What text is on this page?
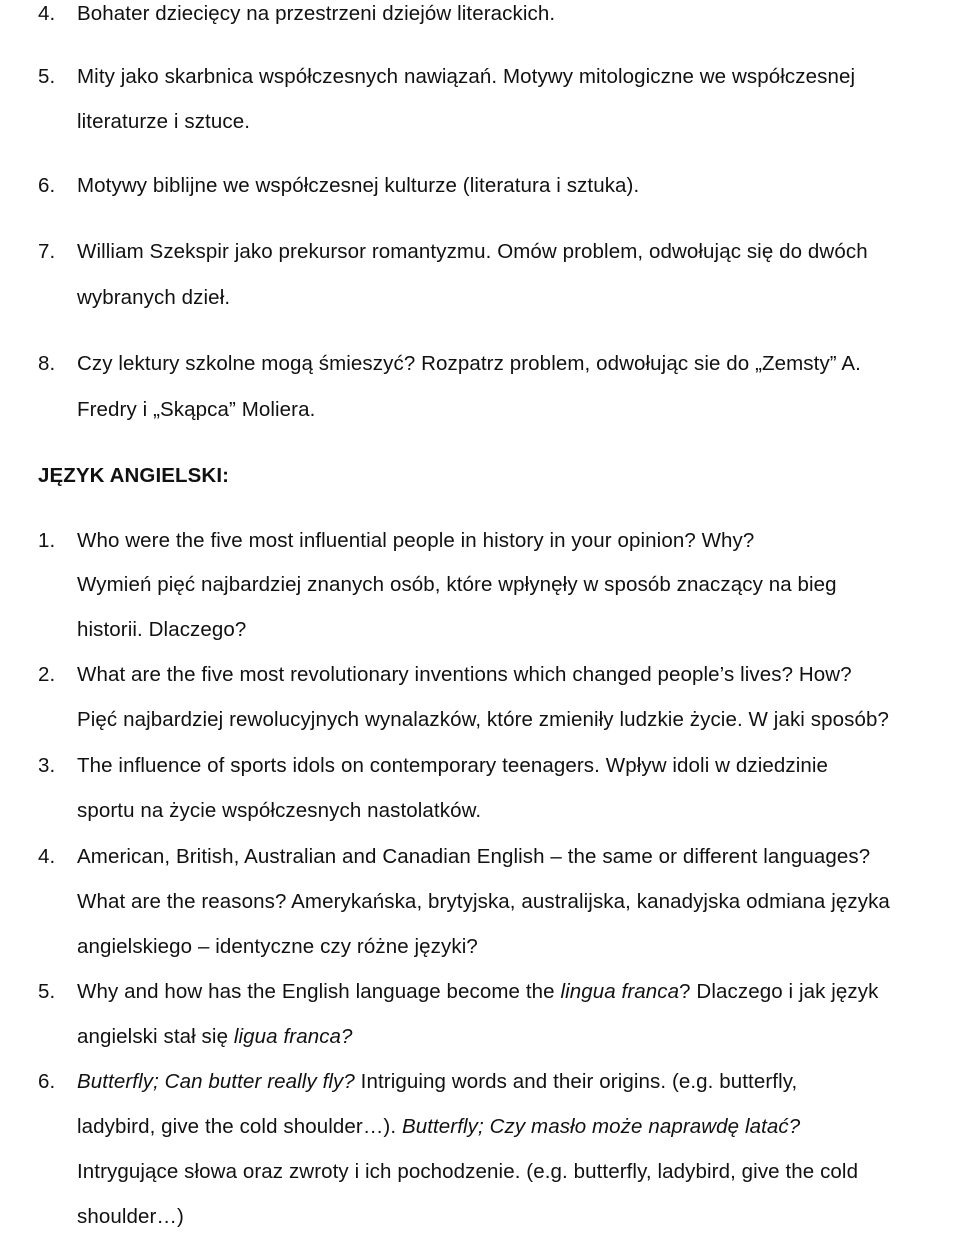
4. Bohater dziecięcy na przestrzeni dziejów literackich.
5. Mity jako skarbnica współczesnych nawiązań. Motywy mitologiczne we współczesnej
literaturze i sztuce.
6. Motywy biblijne we współczesnej kulturze (literatura i sztuka).
7. William Szekspir jako prekursor romantyzmu. Omów problem, odwołując się do dwóch
wybranych dzieł.
8. Czy lektury szkolne mogą śmieszyć? Rozpatrz problem, odwołując sie do „Zemsty” A.
Fredry i „Skąpca” Moliera.
JĘZYK ANGIELSKI:
1. Who were the five most influential people in history in your opinion? Why?
Wymień pięć najbardziej znanych osób, które wpłynęły w sposób znaczący na bieg
historii. Dlaczego?
2. What are the five most revolutionary inventions which changed people’s lives? How?
Pięć najbardziej rewolucyjnych wynalazków, które zmieniły ludzkie życie. W jaki sposób?
3. The influence of sports idols on contemporary teenagers. Wpływ idoli w dziedzinie
sportu na życie współczesnych nastolatków.
4. American, British, Australian and Canadian English – the same or different languages?
What are the reasons? Amerykańska, brytyjska, australijska, kanadyjska odmiana języka
angielskiego – identyczne czy różne języki?
5. Why and how has the English language become the lingua franca? Dlaczego i jak język
angielski stał się ligua franca?
6. Butterfly; Can butter really fly? Intriguing words and their origins. (e.g. butterfly,
ladybird, give the cold shoulder…). Butterfly; Czy masło może naprawdę latać?
Intrygujące słowa oraz zwroty i ich pochodzenie. (e.g. butterfly, ladybird, give the cold
shoulder…)
